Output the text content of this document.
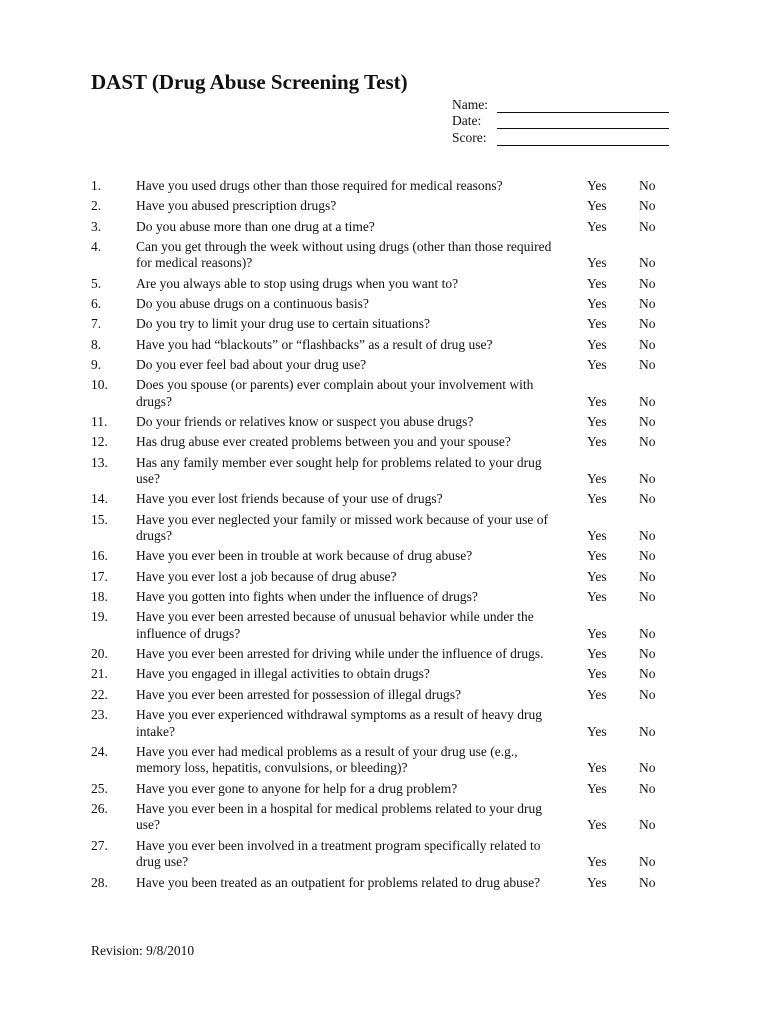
DAST (Drug Abuse Screening Test)
Name:
Date:
Score:
1.	Have you used drugs other than those required for medical reasons?	Yes No
2.	Have you abused prescription drugs?	Yes No
3.	Do you abuse more than one drug at a time?	Yes No
4.	Can you get through the week without using drugs (other than those required for medical reasons)?	Yes No
5.	Are you always able to stop using drugs when you want to?	Yes No
6.	Do you abuse drugs on a continuous basis?	Yes No
7.	Do you try to limit your drug use to certain situations?	Yes No
8.	Have you had “blackouts” or “flashbacks” as a result of drug use?	Yes No
9.	Do you ever feel bad about your drug use?	Yes No
10. Does you spouse (or parents) ever complain about your involvement with drugs?	Yes No
11. Do your friends or relatives know or suspect you abuse drugs?	Yes No
12. Has drug abuse ever created problems between you and your spouse?	Yes No
13. Has any family member ever sought help for problems related to your drug use?	Yes No
14. Have you ever lost friends because of your use of drugs?	Yes No
15. Have you ever neglected your family or missed work because of your use of drugs?	Yes No
16. Have you ever been in trouble at work because of drug abuse?	Yes No
17. Have you ever lost a job because of drug abuse?	Yes No
18. Have you gotten into fights when under the influence of drugs?	Yes No
19. Have you ever been arrested because of unusual behavior while under the influence of drugs?	Yes No
20. Have you ever been arrested for driving while under the influence of drugs.	Yes No
21. Have you engaged in illegal activities to obtain drugs?	Yes No
22. Have you ever been arrested for possession of illegal drugs?	Yes No
23. Have you ever experienced withdrawal symptoms as a result of heavy drug intake?	Yes No
24. Have you ever had medical problems as a result of your drug use (e.g., memory loss, hepatitis, convulsions, or bleeding)?	Yes No
25. Have you ever gone to anyone for help for a drug problem?	Yes No
26. Have you ever been in a hospital for medical problems related to your drug use?	Yes No
27. Have you ever been involved in a treatment program specifically related to drug use?	Yes No
28. Have you been treated as an outpatient for problems related to drug abuse?	Yes No
Revision: 9/8/2010
